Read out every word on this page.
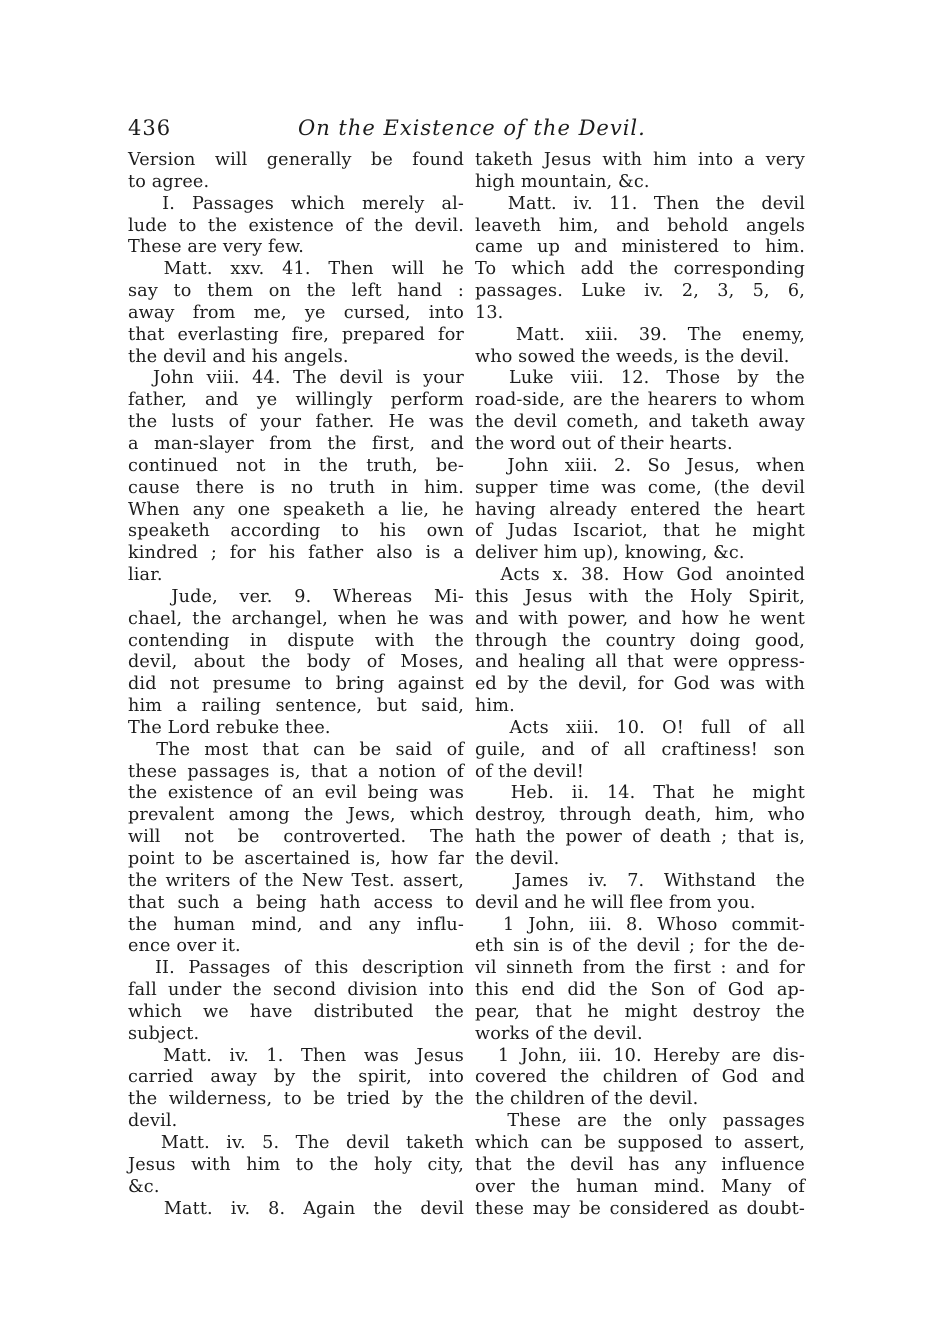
436	On the Existence of the Devil.
Version will generally be found
to agree.
I. Passages which merely al-
lude to the existence of the devil.
These are very few.
Matt. xxv. 41. Then will he
say to them on the left hand :
away from me, ye cursed, into
that everlasting fire, prepared for
the devil and his angels.
John viii. 44. The devil is your
father, and ye willingly perform
the lusts of your father. He was
a man-slayer from the first, and
continued not in the truth, be-
cause there is no truth in him.
When any one speaketh a lie, he
speaketh according to his own
kindred ; for his father also is a
liar.
Jude, ver. 9. Whereas Mi-
chael, the archangel, when he was
contending in dispute with the
devil, about the body of Moses,
did not presume to bring against
him a railing sentence, but said,
The Lord rebuke thee.
The most that can be said of
these passages is, that a notion of
the existence of an evil being was
prevalent among the Jews, which
will not be controverted. The
point to be ascertained is, how far
the writers of the New Test. assert,
that such a being hath access to
the human mind, and any influ-
ence over it.
II. Passages of this description
fall under the second division into
which we have distributed the
subject.
Matt. iv. 1. Then was Jesus
carried away by the spirit, into
the wilderness, to be tried by the
devil.
Matt. iv. 5. The devil taketh
Jesus with him to the holy city,
&c.
Matt. iv. 8. Again the devil
taketh Jesus with him into a very
high mountain, &c.
Matt. iv. 11. Then the devil
leaveth him, and behold angels
came up and ministered to him.
To which add the corresponding
passages. Luke iv. 2, 3, 5, 6,
13.
Matt. xiii. 39. The enemy,
who sowed the weeds, is the devil.
Luke viii. 12. Those by the
road-side, are the hearers to whom
the devil cometh, and taketh away
the word out of their hearts.
John xiii. 2. So Jesus, when
supper time was come, (the devil
having already entered the heart
of Judas Iscariot, that he might
deliver him up), knowing, &c.
Acts x. 38. How God anointed
this Jesus with the Holy Spirit,
and with power, and how he went
through the country doing good,
and healing all that were oppress-
ed by the devil, for God was with
him.
Acts xiii. 10. O! full of all
guile, and of all craftiness! son
of the devil!
Heb. ii. 14. That he might
destroy, through death, him, who
hath the power of death ; that is,
the devil.
James iv. 7. Withstand the
devil and he will flee from you.
1 John, iii. 8. Whoso commit-
eth sin is of the devil ; for the de-
vil sinneth from the first : and for
this end did the Son of God ap-
pear, that he might destroy the
works of the devil.
1 John, iii. 10. Hereby are dis-
covered the children of God and
the children of the devil.
These are the only passages
which can be supposed to assert,
that the devil has any influence
over the human mind. Many of
these may be considered as doubt-
